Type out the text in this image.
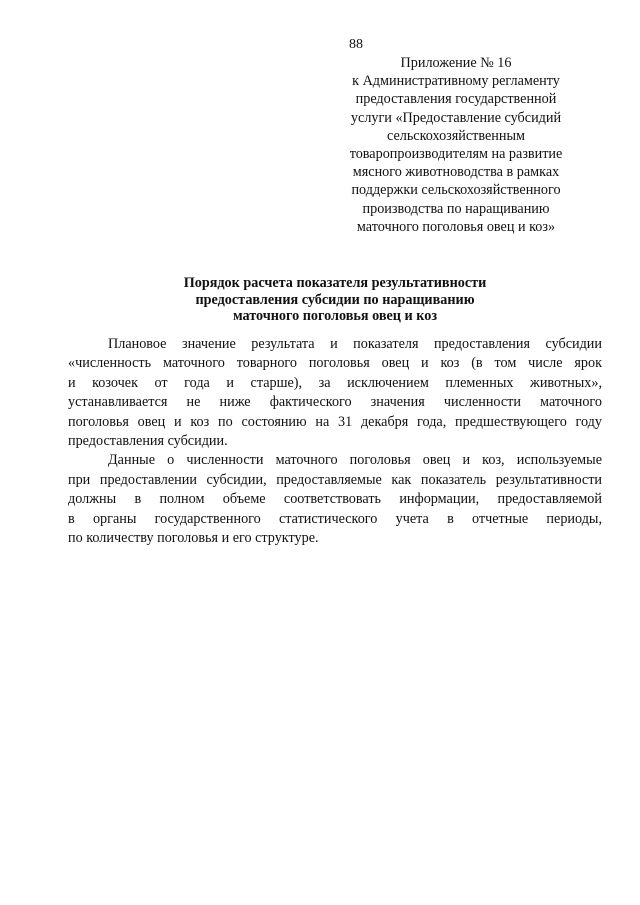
88
Приложение № 16
к Административному регламенту
предоставления государственной
услуги «Предоставление субсидий
сельскохозяйственным
товаропроизводителям на развитие
мясного животноводства в рамках
поддержки сельскохозяйственного
производства по наращиванию
маточного поголовья овец и коз»
Порядок расчета показателя результативности
предоставления субсидии по наращиванию
маточного поголовья овец и коз

Плановое значение результата и показателя предоставления субсидии
«численность маточного товарного поголовья овец и коз (в том числе ярок
и козочек от года и старше), за исключением племенных животных»,
устанавливается не ниже фактического значения численности маточного
поголовья овец и коз по состоянию на 31 декабря года, предшествующего году
предоставления субсидии.

Данные о численности маточного поголовья овец и коз, используемые
при предоставлении субсидии, предоставляемые как показатель результативности
должны в полном объеме соответствовать информации, предоставляемой
в органы государственного статистического учета в отчетные периоды,
по количеству поголовья и его структуре.
